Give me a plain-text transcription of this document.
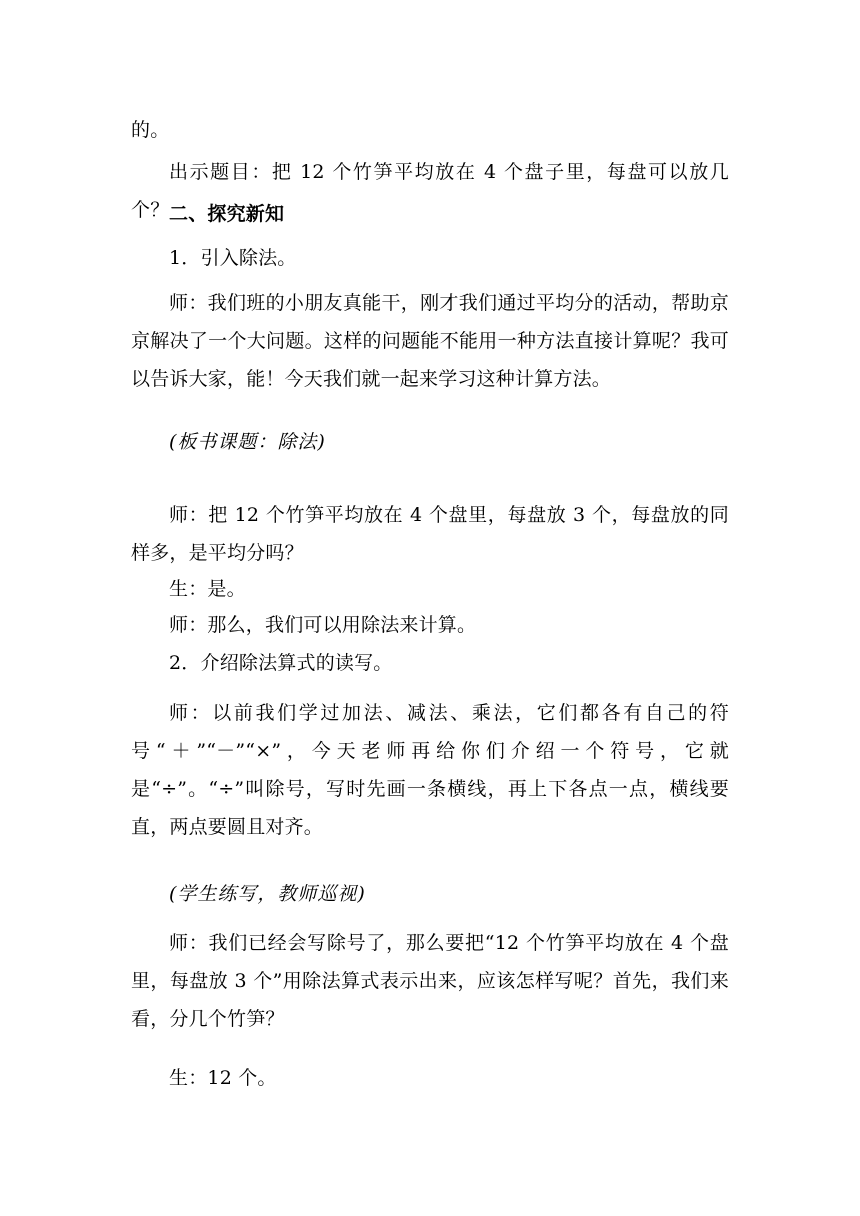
的。

出示题目：把 12 个竹笋平均放在 4 个盘子里，每盘可以放几个？ 二、探究新知

1．引入除法。

师：我们班的小朋友真能干，刚才我们通过平均分的活动，帮助京京解决了一个大问题。这样的问题能不能用一种方法直接计算呢？我可以告诉大家，能！今天我们就一起来学习这种计算方法。

(板书课题：除法)

师：把 12 个竹笋平均放在 4 个盘里，每盘放 3 个，每盘放的同样多，是平均分吗？

生：是。

师：那么，我们可以用除法来计算。

2．介绍除法算式的读写。

师：以前我们学过加法、减法、乘法，它们都各有自己的符号“＋”“－”“×”，今天老师再给你们介绍一个符号，它就是“÷”。“÷”叫除号，写时先画一条横线，再上下各点一点，横线要直，两点要圆且对齐。

(学生练写，教师巡视)

师：我们已经会写除号了，那么要把“12 个竹笋平均放在 4 个盘里，每盘放 3 个”用除法算式表示出来，应该怎样写呢？首先，我们来看，分几个竹笋？

生：12 个。
